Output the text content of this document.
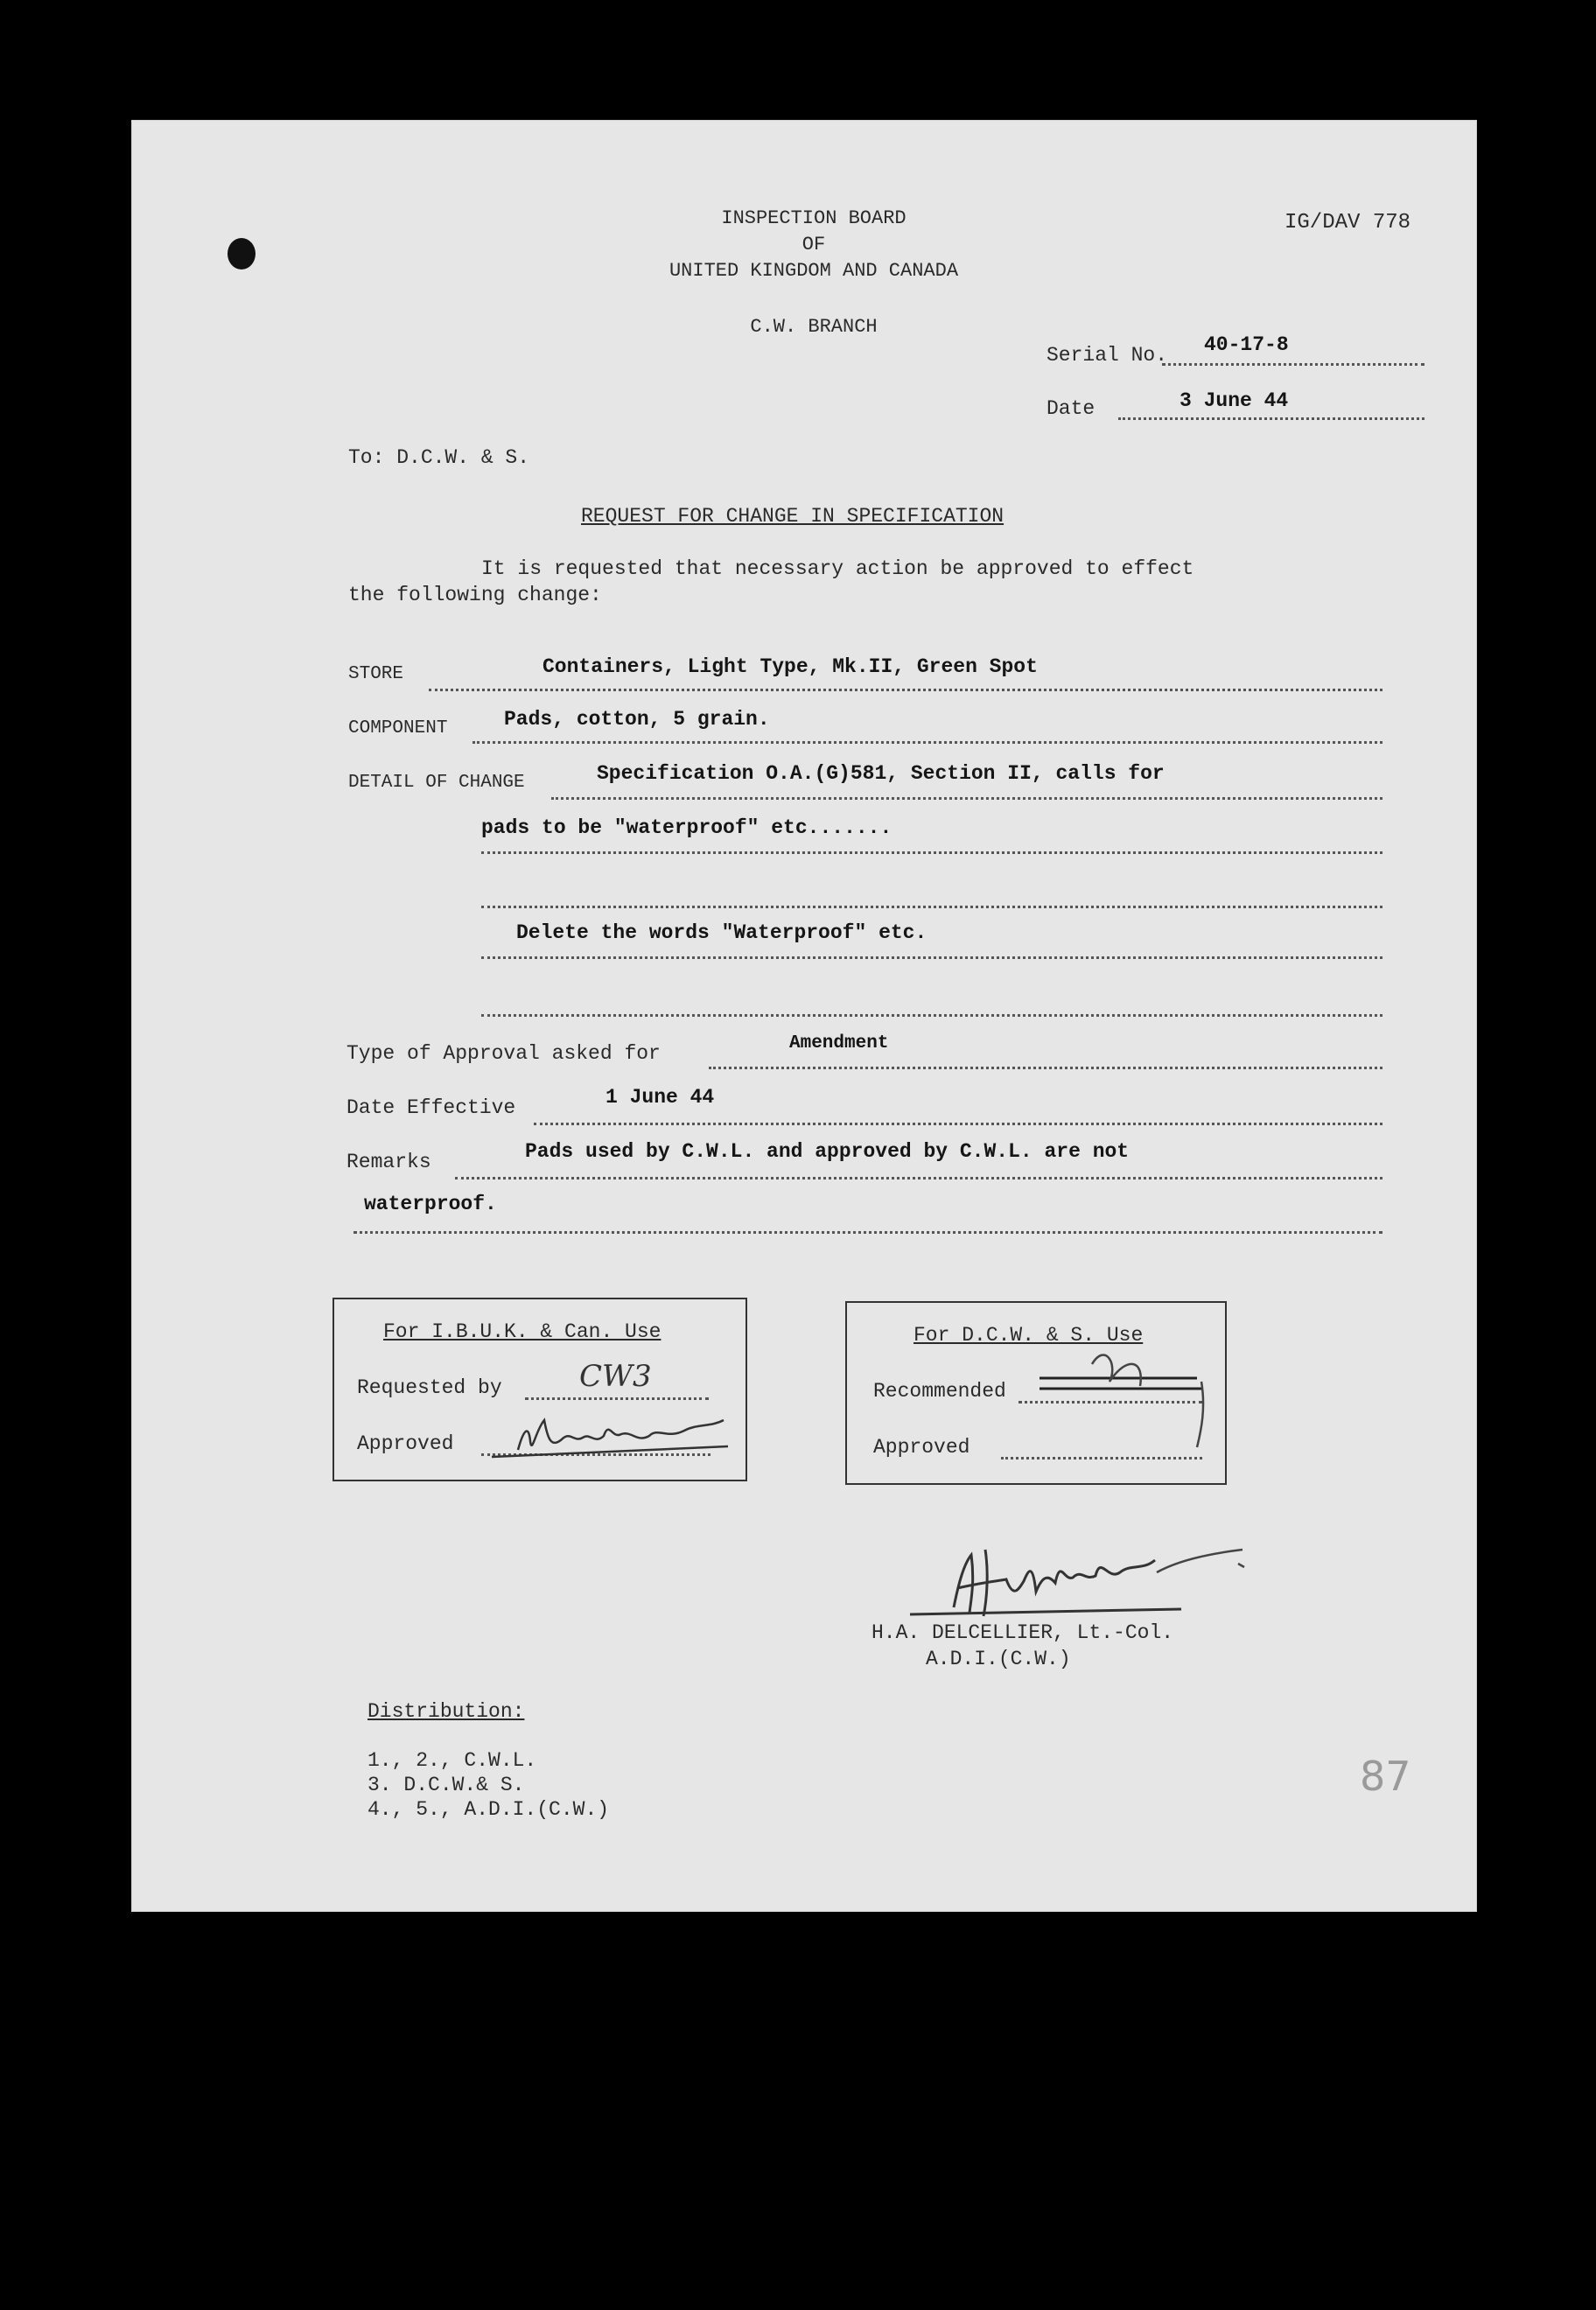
INSPECTION BOARD
OF
UNITED KINGDOM AND CANADA
C.W. BRANCH
IG/DAV 778
Serial No. 40-17-8
Date	3 June 44
To: D.C.W. & S.
REQUEST FOR CHANGE IN SPECIFICATION
It is requested that necessary action be approved to effect
the following change:
STORE	Containers, Light Type, Mk.II, Green Spot
COMPONENT	Pads, cotton, 5 grain.
DETAIL OF CHANGE	Specification O.A.(G)581, Section II, calls for
pads to be "waterproof" etc.......
Delete the words "Waterproof" etc.
Type of Approval asked for	Amendment
Date Effective	1 June 44
Remarks	Pads used by C.W.L. and approved by C.W.L. are not
waterproof.
For I.B.U.K. & Can. Use
Requested by	CW3
Approved
For D.C.W. & S. Use
Recommended
Approved
H.A. DELCELLIER, Lt.-Col.
A.D.I.(C.W.)
Distribution:
1., 2., C.W.L.
3. D.C.W.& S.
4., 5., A.D.I.(C.W.)
87
